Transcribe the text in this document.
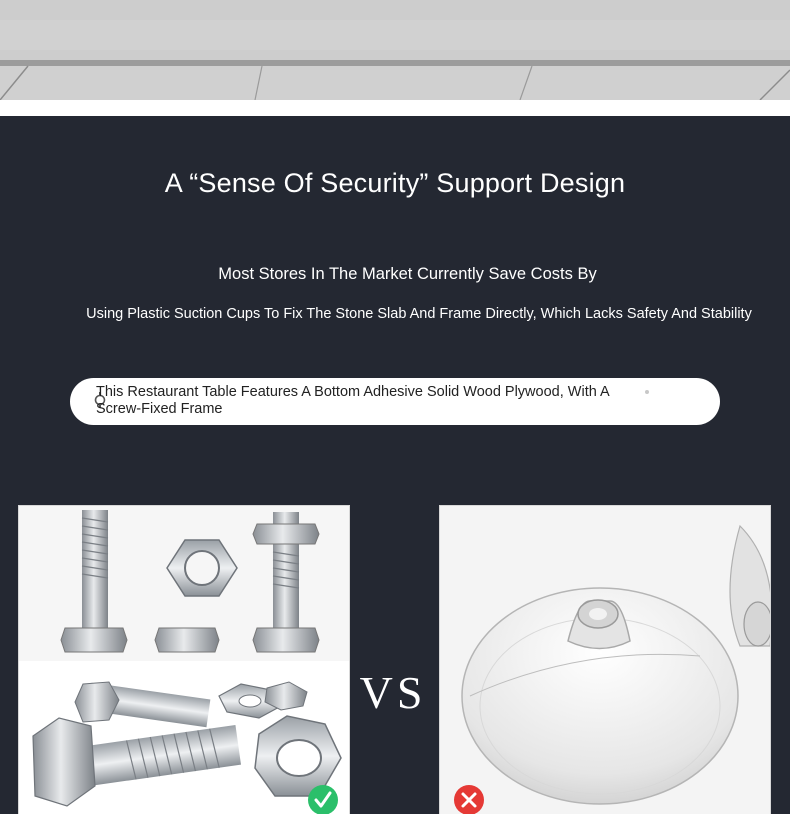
A “Sense Of Security” Support Design
Most Stores In The Market Currently Save Costs By
Using Plastic Suction Cups To Fix The Stone Slab And Frame Directly, Which Lacks Safety And Stability
This Restaurant Table Features A Bottom Adhesive Solid Wood Plywood, With A Screw-Fixed Frame
VS
